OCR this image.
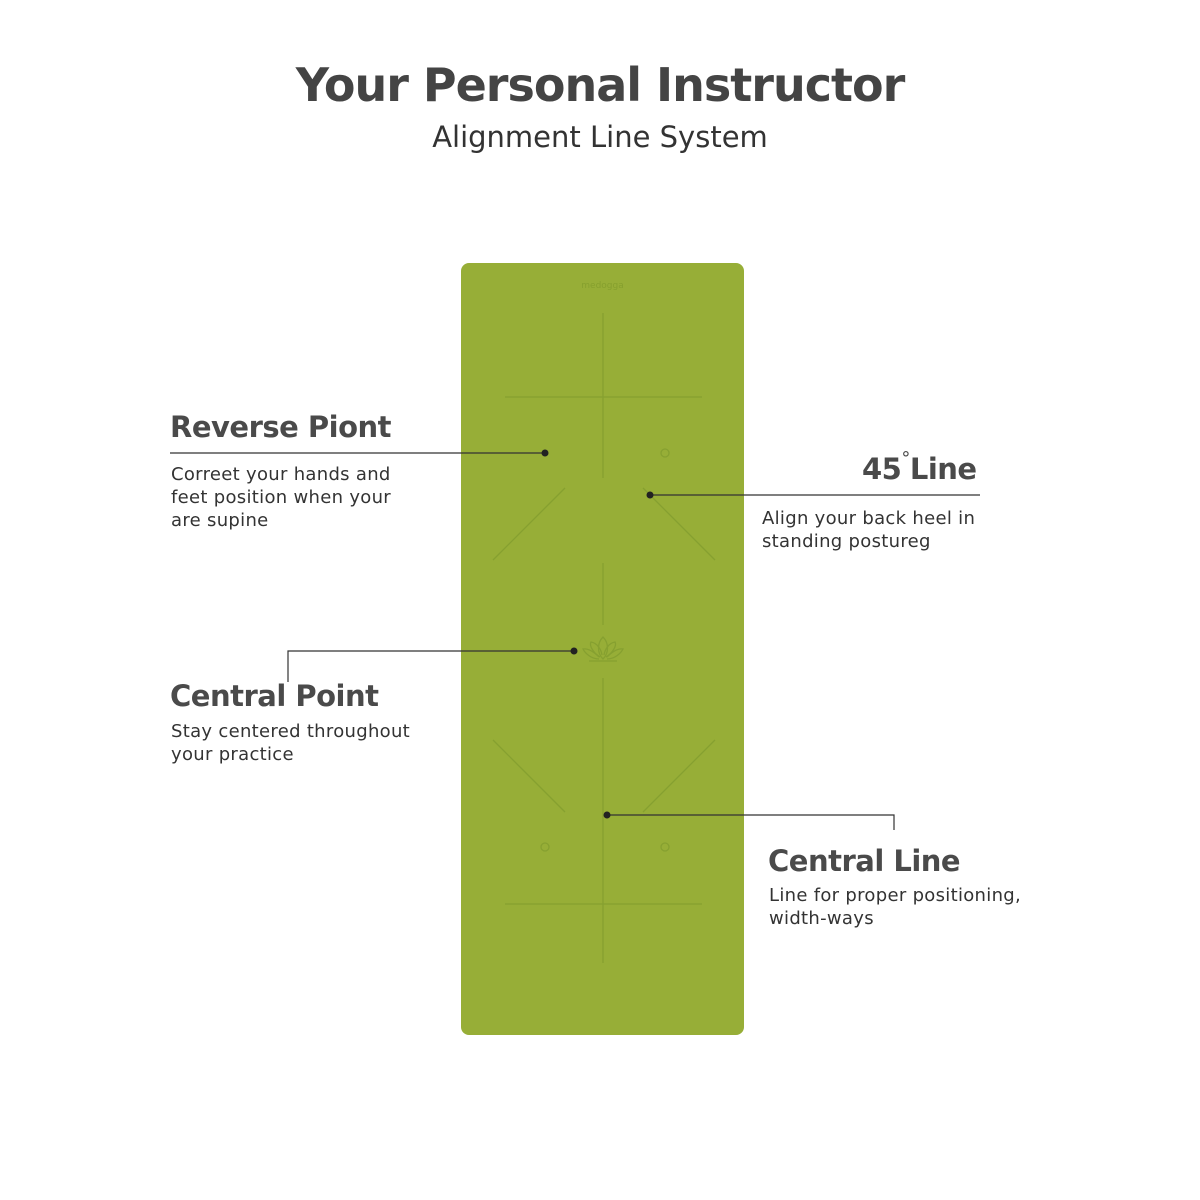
Your Personal Instructor
Alignment Line System
medogga
Reverse Piont
Correet your hands and
feet position when your
are supine
45°Line
Align your back heel in
standing postureg
Central Point
Stay centered throughout
your practice
Central Line
Line for proper positioning,
width-ways
